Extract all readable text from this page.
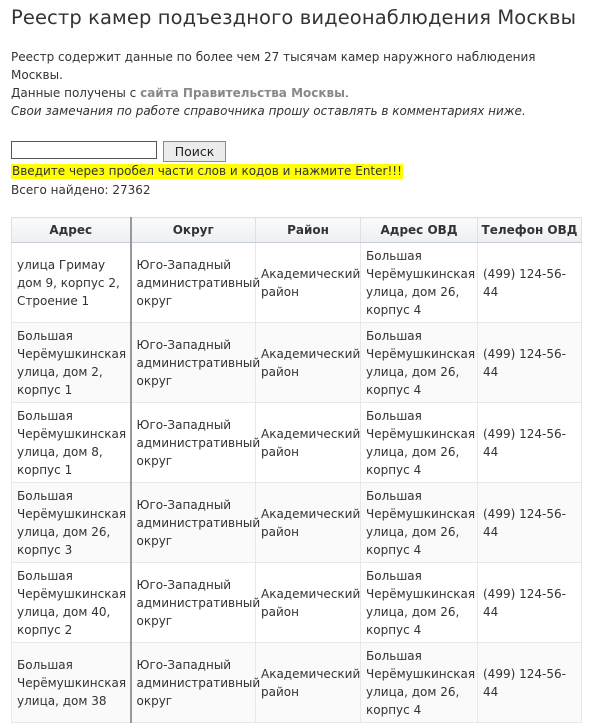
Реестр камер подъездного видеонаблюдения Москвы
Реестр содержит данные по более чем 27 тысячам камер наружного наблюдения Москвы.
Данные получены с сайта Правительства Москвы.
Свои замечания по работе справочника прошу оставлять в комментариях ниже.
Поиск
Введите через пробел части слов и кодов и нажмите Enter!!!
Всего найдено: 27362
Адрес	Округ	Район	Адрес ОВД	Телефон ОВД
улица Гримау дом 9, корпус 2, Строение 1	Юго-Западный административный округ	Академический район	Большая Черёмушкинская улица, дом 26, корпус 4	(499) 124-56-44
Большая Черёмушкинская улица, дом 2, корпус 1	Юго-Западный административный округ	Академический район	Большая Черёмушкинская улица, дом 26, корпус 4	(499) 124-56-44
Большая Черёмушкинская улица, дом 8, корпус 1	Юго-Западный административный округ	Академический район	Большая Черёмушкинская улица, дом 26, корпус 4	(499) 124-56-44
Большая Черёмушкинская улица, дом 26, корпус 3	Юго-Западный административный округ	Академический район	Большая Черёмушкинская улица, дом 26, корпус 4	(499) 124-56-44
Большая Черёмушкинская улица, дом 40, корпус 2	Юго-Западный административный округ	Академический район	Большая Черёмушкинская улица, дом 26, корпус 4	(499) 124-56-44
Большая Черёмушкинская улица, дом 38	Юго-Западный административный округ	Академический район	Большая Черёмушкинская улица, дом 26, корпус 4	(499) 124-56-44
